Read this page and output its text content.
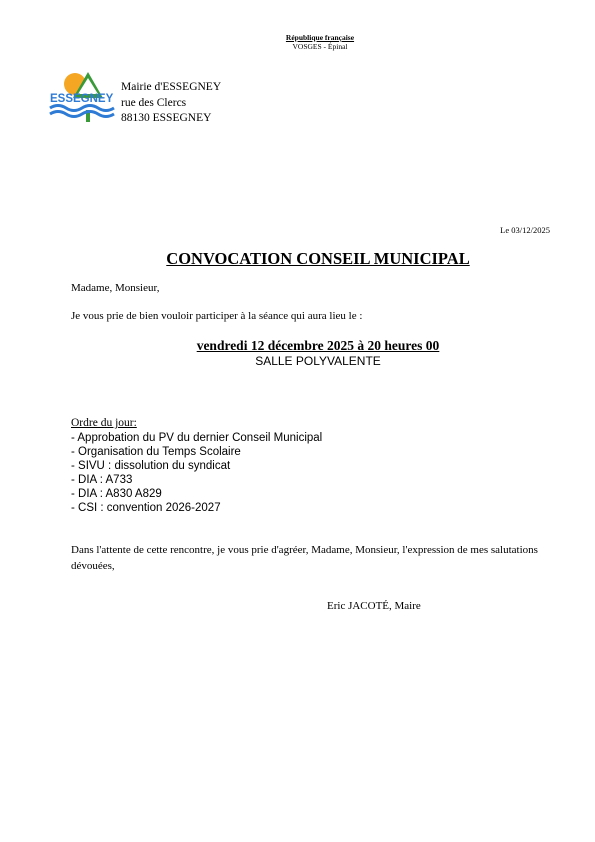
République française
VOSGES - Épinal
ESSEGNEY
Mairie d'ESSEGNEY
rue des Clercs
88130 ESSEGNEY
Le 03/12/2025
CONVOCATION CONSEIL MUNICIPAL
Madame, Monsieur,
Je vous prie de bien vouloir participer à la séance qui aura lieu le :
vendredi 12 décembre 2025 à 20 heures 00
SALLE POLYVALENTE
Ordre du jour:
- Approbation du PV du dernier Conseil Municipal
- Organisation du Temps Scolaire
- SIVU : dissolution du syndicat
- DIA : A733
- DIA : A830 A829
- CSI : convention 2026-2027
Dans l'attente de cette rencontre, je vous prie d'agréer, Madame, Monsieur, l'expression de mes salutations dévouées,
Eric JACOTÉ, Maire
